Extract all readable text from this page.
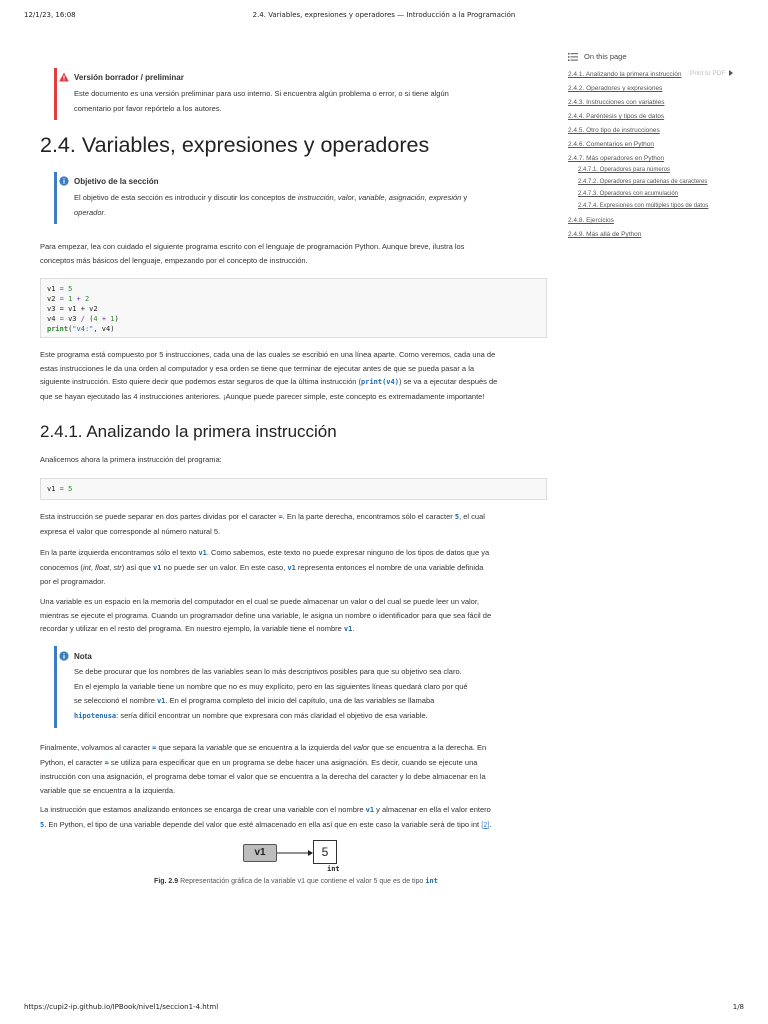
12/1/23, 16:08	2.4. Variables, expresiones y operadores — Introducción a la Programación
Versión borrador / preliminar
Este documento es una versión preliminar para uso interno. Si encuentra algún problema o error, o si tiene algún
comentario por favor repórtelo a los autores.
2.4. Variables, expresiones y operadores
Objetivo de la sección
El objetivo de esta sección es introducir y discutir los conceptos de instrucción, valor, variable, asignación, expresión y
operador.

Para empezar, lea con cuidado el siguiente programa escrito con el lenguaje de programación Python. Aunque breve, ilustra los
conceptos más básicos del lenguaje, empezando por el concepto de instrucción.

v1 = 5
v2 = 1 + 2
v3 = v1 + v2
v4 = v3 / (4 + 1)
print("v4:", v4)

Este programa está compuesto por 5 instrucciones, cada una de las cuales se escribió en una línea aparte. Como veremos, cada una de
estas instrucciones le da una orden al computador y esa orden se tiene que terminar de ejecutar antes de que se pueda pasar a la
siguiente instrucción. Esto quiere decir que podemos estar seguros de que la última instrucción (print(v4)) se va a ejecutar después de
que se hayan ejecutado las 4 instrucciones anteriores. ¡Aunque puede parecer simple, este concepto es extremadamente importante!

2.4.1. Analizando la primera instrucción

Analicemos ahora la primera instrucción del programa:

v1 = 5

Esta instrucción se puede separar en dos partes dividas por el caracter =. En la parte derecha, encontramos sólo el caracter 5, el cual
expresa el valor que corresponde al número natural 5.

En la parte izquierda encontramos sólo el texto v1. Como sabemos, este texto no puede expresar ninguno de los tipos de datos que ya
conocemos (int, float, str) así que v1 no puede ser un valor. En este caso, v1 representa entonces el nombre de una variable definida
por el programador.

Una variable es un espacio en la memoria del computador en el cual se puede almacenar un valor o del cual se puede leer un valor,
mientras se ejecute el programa. Cuando un programador define una variable, le asigna un nombre o identificador para que sea fácil de
recordar y utilizar en el resto del programa. En nuestro ejemplo, la variable tiene el nombre v1.

Nota
Se debe procurar que los nombres de las variables sean lo más descriptivos posibles para que su objetivo sea claro.
En el ejemplo la variable tiene un nombre que no es muy explícito, pero en las siguientes líneas quedará claro por qué
se seleccionó el nombre v1. En el programa completo del inicio del capítulo, una de las variables se llamaba
hipotenusa: sería difícil encontrar un nombre que expresara con más claridad el objetivo de esa variable.

Finalmente, volvamos al caracter = que separa la variable que se encuentra a la izquierda del valor que se encuentra a la derecha. En
Python, el caracter = se utiliza para especificar que en un programa se debe hacer una asignación. Es decir, cuando se ejecute una
instrucción con una asignación, el programa debe tomar el valor que se encuentra a la derecha del caracter y lo debe almacenar en la
variable que se encuentra a la izquierda.

La instrucción que estamos analizando entonces se encarga de crear una variable con el nombre v1 y almacenar en ella el valor entero
5. En Python, el tipo de una variable depende del valor que esté almacenado en ella así que en este caso la variable será de tipo int [2].

v1	5
int
Fig. 2.9 Representación gráfica de la variable v1 que contiene el valor 5 que es de tipo int
On this page
2.4.1. Analizando la primera instrucción
2.4.2. Operadores y expresiones
2.4.3. Instrucciones con variables
2.4.4. Paréntesis y tipos de datos
2.4.5. Otro tipo de instrucciones
2.4.6. Comentarios en Python
2.4.7. Más operadores en Python
2.4.7.1. Operadores para números
2.4.7.2. Operadores para cadenas de caracteres
2.4.7.3. Operadores con acumulación
2.4.7.4. Expresiones con múltiples tipos de datos
2.4.8. Ejercicios
2.4.9. Más allá de Python
Print to PDF
https://cupi2-ip.github.io/IPBook/nivel1/seccion1-4.html	1/8
